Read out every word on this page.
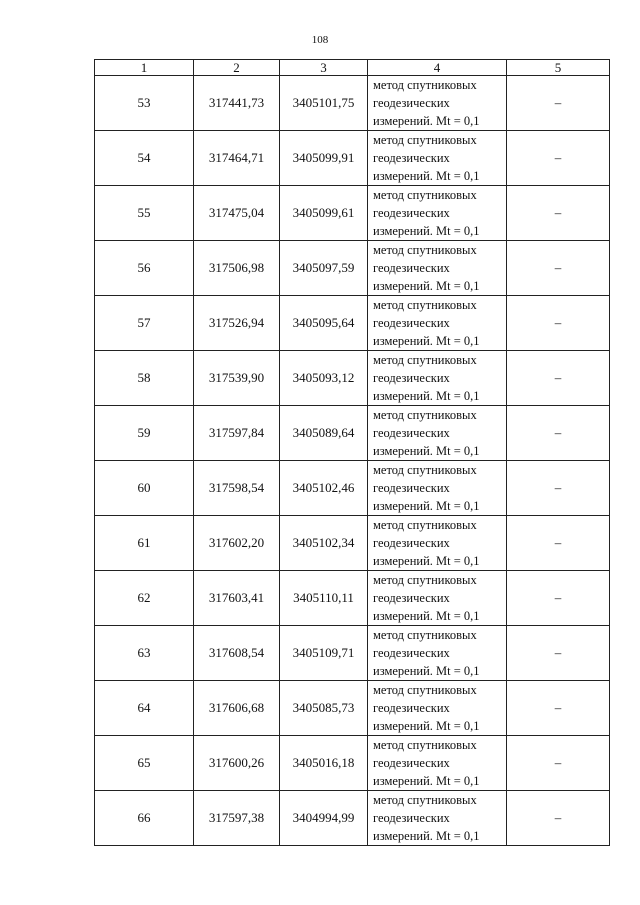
108
1	2	3	4	5
53	317441,73	3405101,75	метод спутниковых
геодезических
измерений. Mt = 0,1	–
54	317464,71	3405099,91	метод спутниковых
геодезических
измерений. Mt = 0,1	–
55	317475,04	3405099,61	метод спутниковых
геодезических
измерений. Mt = 0,1	–
56	317506,98	3405097,59	метод спутниковых
геодезических
измерений. Mt = 0,1	–
57	317526,94	3405095,64	метод спутниковых
геодезических
измерений. Mt = 0,1	–
58	317539,90	3405093,12	метод спутниковых
геодезических
измерений. Mt = 0,1	–
59	317597,84	3405089,64	метод спутниковых
геодезических
измерений. Mt = 0,1	–
60	317598,54	3405102,46	метод спутниковых
геодезических
измерений. Mt = 0,1	–
61	317602,20	3405102,34	метод спутниковых
геодезических
измерений. Mt = 0,1	–
62	317603,41	3405110,11	метод спутниковых
геодезических
измерений. Mt = 0,1	–
63	317608,54	3405109,71	метод спутниковых
геодезических
измерений. Mt = 0,1	–
64	317606,68	3405085,73	метод спутниковых
геодезических
измерений. Mt = 0,1	–
65	317600,26	3405016,18	метод спутниковых
геодезических
измерений. Mt = 0,1	–
66	317597,38	3404994,99	метод спутниковых
геодезических
измерений. Mt = 0,1	–
